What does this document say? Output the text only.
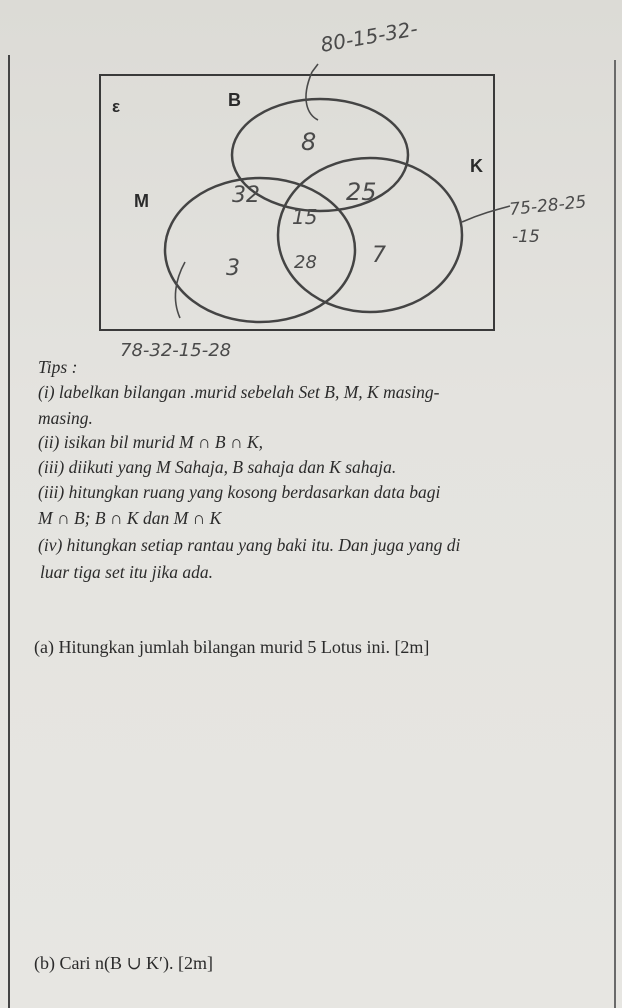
ε	B
M
K
8
32	25
15
28
3
7
80-15-32-
75-28-25
-15
78-32-15-28
Tips :
(i) labelkan bilangan .murid sebelah Set B, M, K masing-
masing.
(ii) isikan bil murid M ∩ B ∩ K,
(iii) diikuti yang M Sahaja, B sahaja dan K sahaja.
(iii) hitungkan ruang yang kosong berdasarkan data bagi
M ∩ B; B ∩ K dan M ∩ K
(iv) hitungkan setiap rantau yang baki itu. Dan juga yang di
luar tiga set itu jika ada.
(a) Hitungkan jumlah bilangan murid 5 Lotus ini. [2m]
(b) Cari n(B ∪ K′). [2m]
